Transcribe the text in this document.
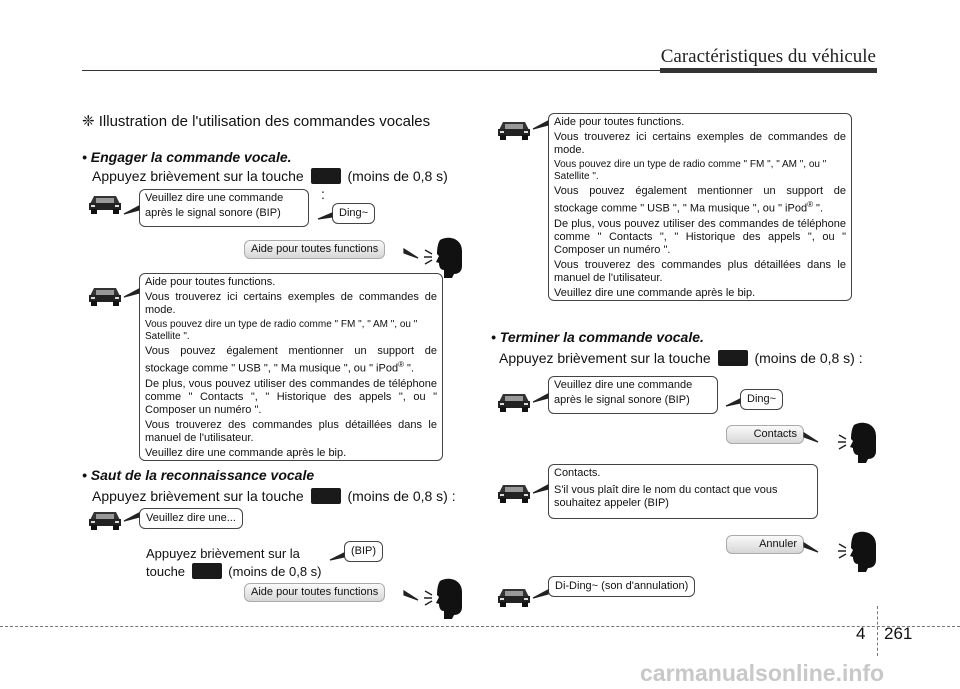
Caractéristiques du véhicule
❈ Illustration de l'utilisation des commandes vocales
• Engager la commande vocale.
Appuyez brièvement sur la touche	(moins de 0,8 s)
:

Veuillez dire une commande

après le signal sonore (BIP)	Ding~
Aide pour toutes functions

Aide pour toutes functions.

Vous trouverez ici certains exemples de commandes de mode.

Vous pouvez dire un type de radio comme " FM ", " AM ", ou " Satellite ".

Vous pouvez également mentionner un support de stockage comme " USB ", " Ma musique ", ou " iPod® ".

De plus, vous pouvez utiliser des commandes de téléphone comme " Contacts ", " Historique des appels ", ou " Composer un numéro ".

Vous trouverez des commandes plus détaillées dans le manuel de l'utilisateur.

Veuillez dire une commande après le bip.

• Saut de la reconnaissance vocale
Appuyez brièvement sur la touche	(moins de 0,8 s) :
Veuillez dire une...
Appuyez brièvement sur la
touche	(moins de 0,8 s)
(BIP)
Aide pour toutes functions

Aide pour toutes functions.

Vous trouverez ici certains exemples de commandes de mode.

Vous pouvez dire un type de radio comme " FM ", " AM ", ou " Satellite ".

Vous pouvez également mentionner un support de stockage comme " USB ", " Ma musique ", ou " iPod® ".

De plus, vous pouvez utiliser des commandes de téléphone comme " Contacts ", " Historique des appels ", ou " Composer un numéro ".

Vous trouverez des commandes plus détaillées dans le manuel de l'utilisateur.

Veuillez dire une commande après le bip.

• Terminer la commande vocale.
Appuyez brièvement sur la touche	(moins de 0,8 s) :

Veuillez dire une commande

après le signal sonore (BIP)	Ding~
Contacts

Contacts.

S'il vous plaît dire le nom du contact que vous souhaitez appeler (BIP)

Annuler
Di-Ding~ (son d'annulation)
4 261
carmanualsonline.info
